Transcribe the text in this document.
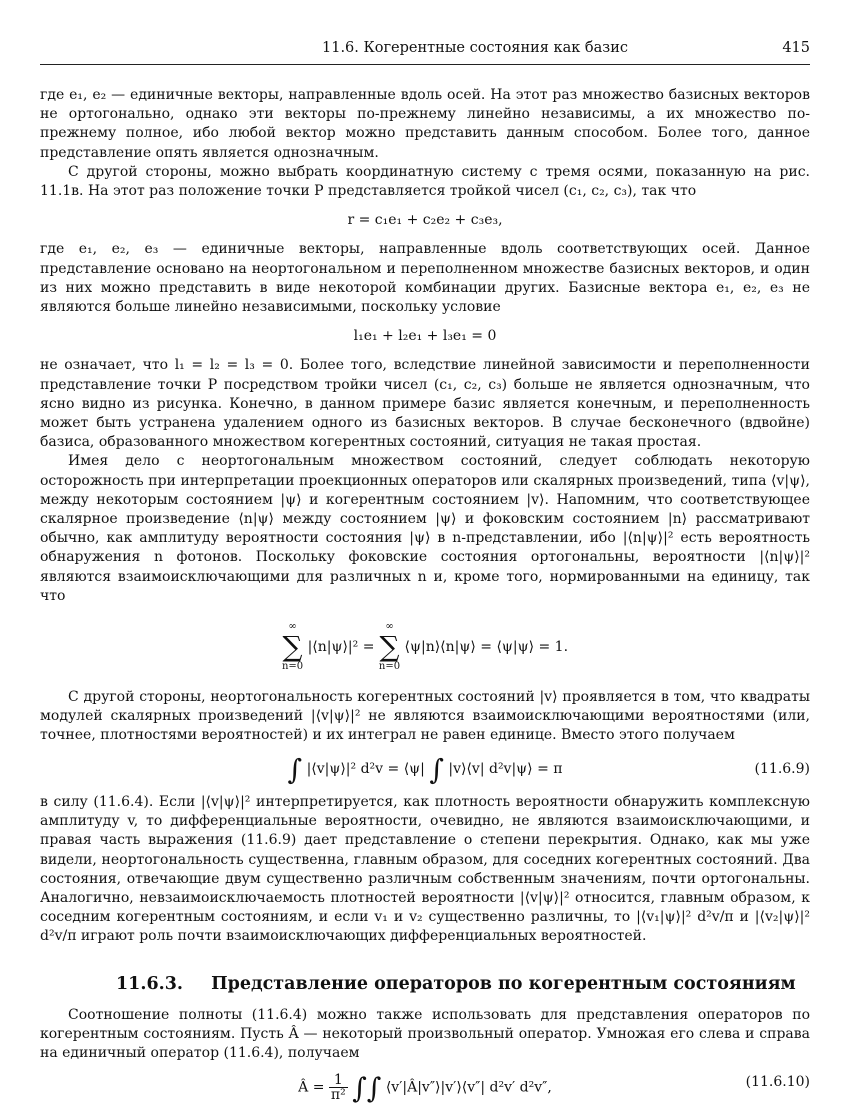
11.6. Когерентные состояния как базис	415

где e₁, e₂ — единичные векторы, направленные вдоль осей. На этот раз множество базисных векторов не ортогонально, однако эти векторы по-прежнему линейно независимы, а их множество по-прежнему полное, ибо любой вектор можно представить данным способом. Более того, данное представление опять является однозначным.

С другой стороны, можно выбрать координатную систему с тремя осями, показанную на рис. 11.1в. На этот раз положение точки P представляется тройкой чисел (c₁, c₂, c₃), так что

r = c₁e₁ + c₂e₂ + c₃e₃,

где e₁, e₂, e₃ — единичные векторы, направленные вдоль соответствующих осей. Данное представление основано на неортогональном и переполненном множестве базисных векторов, и один из них можно представить в виде некоторой комбинации других. Базисные вектора e₁, e₂, e₃ не являются больше линейно независимыми, поскольку условие

l₁e₁ + l₂e₁ + l₃e₁ = 0

не означает, что l₁ = l₂ = l₃ = 0. Более того, вследствие линейной зависимости и переполненности представление точки P посредством тройки чисел (c₁, c₂, c₃) больше не является однозначным, что ясно видно из рисунка. Конечно, в данном примере базис является конечным, и переполненность может быть устранена удалением одного из базисных векторов. В случае бесконечного (вдвойне) базиса, образованного множеством когерентных состояний, ситуация не такая простая.

Имея дело с неортогональным множеством состояний, следует соблюдать некоторую осторожность при интерпретации проекционных операторов или скалярных произведений, типа ⟨v|ψ⟩, между некоторым состоянием |ψ⟩ и когерентным состоянием |v⟩. Напомним, что соответствующее скалярное произведение ⟨n|ψ⟩ между состоянием |ψ⟩ и фоковским состоянием |n⟩ рассматривают обычно, как амплитуду вероятности состояния |ψ⟩ в n-представлении, ибо |⟨n|ψ⟩|² есть вероятность обнаружения n фотонов. Поскольку фоковские состояния ортогональны, вероятности |⟨n|ψ⟩|² являются взаимоисключающими для различных n и, кроме того, нормированными на единицу, так что

∞
∑
n=0
|⟨n|ψ⟩|² =
∞
∑
n=0
⟨ψ|n⟩⟨n|ψ⟩ = ⟨ψ|ψ⟩ = 1.

С другой стороны, неортогональность когерентных состояний |v⟩ проявляется в том, что квадраты модулей скалярных произведений |⟨v|ψ⟩|² не являются взаимоисключающими вероятностями (или, точнее, плотностями вероятностей) и их интеграл не равен единице. Вместо этого получаем

∫ |⟨v|ψ⟩|² d²v = ⟨ψ| ∫ |v⟩⟨v| d²v|ψ⟩ = π	(11.6.9)

в силу (11.6.4). Если |⟨v|ψ⟩|² интерпретируется, как плотность вероятности обнаружить комплексную амплитуду v, то дифференциальные вероятности, очевидно, не являются взаимоисключающими, и правая часть выражения (11.6.9) дает представление о степени перекрытия. Однако, как мы уже видели, неортогональность существенна, главным образом, для соседних когерентных состояний. Два состояния, отвечающие двум существенно различным собственным значениям, почти ортогональны. Аналогично, невзаимоисключаемость плотностей вероятности |⟨v|ψ⟩|² относится, главным образом, к соседним когерентным состояниям, и если v₁ и v₂ существенно различны, то |⟨v₁|ψ⟩|² d²v/π и |⟨v₂|ψ⟩|² d²v/π играют роль почти взаимоисключающих дифференциальных вероятностей.

11.6.3. Представление операторов по когерентным состояниям

Соотношение полноты (11.6.4) можно также использовать для представления операторов по когерентным состояниям. Пусть Â — некоторый произвольный оператор. Умножая его слева и справа на единичный оператор (11.6.4), получаем

Â = $\frac{1}{\text{π²}}$ ∫∫ ⟨v′|Â|v″⟩|v′⟩⟨v″| d²v′ d²v″,	(11.6.10)
